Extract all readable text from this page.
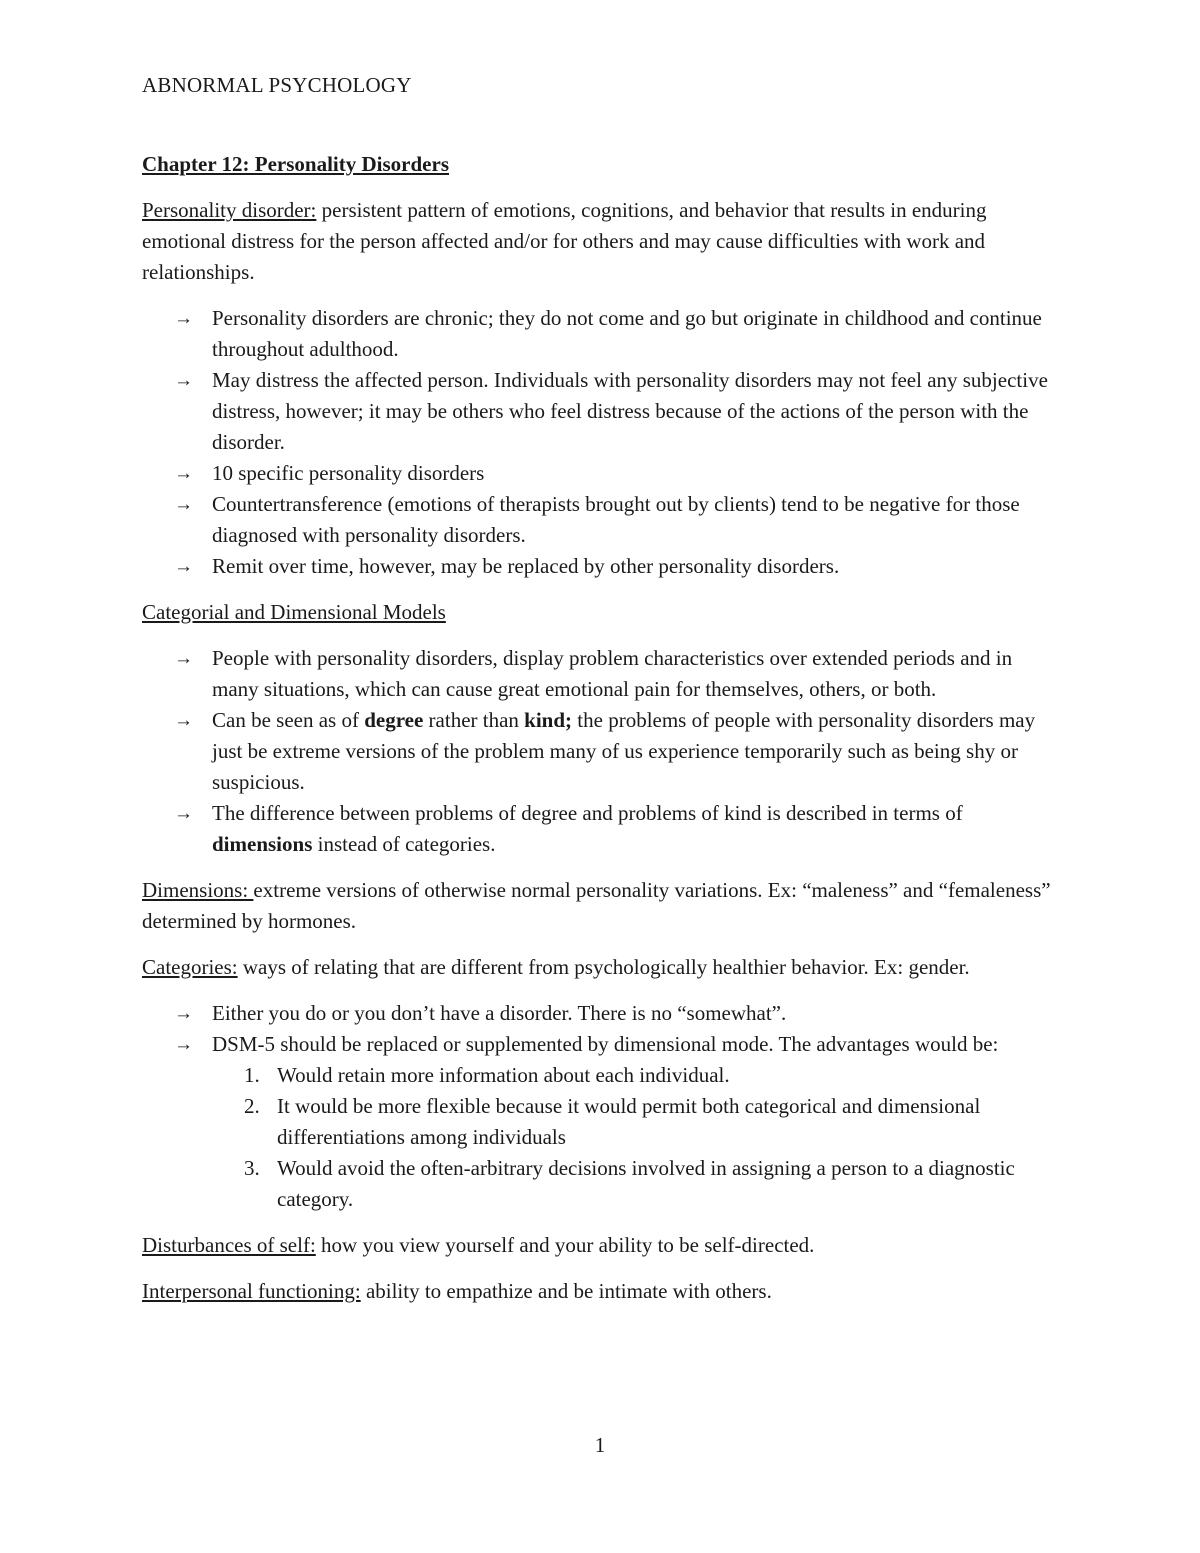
ABNORMAL PSYCHOLOGY
Chapter 12: Personality Disorders

Personality disorder: persistent pattern of emotions, cognitions, and behavior that results in enduring emotional distress for the person affected and/or for others and may cause difficulties with work and relationships.

→ Personality disorders are chronic; they do not come and go but originate in childhood and continue throughout adulthood.
→ May distress the affected person. Individuals with personality disorders may not feel any subjective distress, however; it may be others who feel distress because of the actions of the person with the disorder.
→ 10 specific personality disorders
→ Countertransference (emotions of therapists brought out by clients) tend to be negative for those diagnosed with personality disorders.
→ Remit over time, however, may be replaced by other personality disorders.

Categorial and Dimensional Models

→ People with personality disorders, display problem characteristics over extended periods and in many situations, which can cause great emotional pain for themselves, others, or both.
→ Can be seen as of degree rather than kind; the problems of people with personality disorders may just be extreme versions of the problem many of us experience temporarily such as being shy or suspicious.
→ The difference between problems of degree and problems of kind is described in terms of dimensions instead of categories.

Dimensions: extreme versions of otherwise normal personality variations. Ex: “maleness” and “femaleness” determined by hormones.

Categories: ways of relating that are different from psychologically healthier behavior. Ex: gender.

→ Either you do or you don’t have a disorder. There is no “somewhat”.
→ DSM-5 should be replaced or supplemented by dimensional mode. The advantages would be:
1. Would retain more information about each individual.
2. It would be more flexible because it would permit both categorical and dimensional differentiations among individuals
3. Would avoid the often-arbitrary decisions involved in assigning a person to a diagnostic category.

Disturbances of self: how you view yourself and your ability to be self-directed.

Interpersonal functioning: ability to empathize and be intimate with others.

1
